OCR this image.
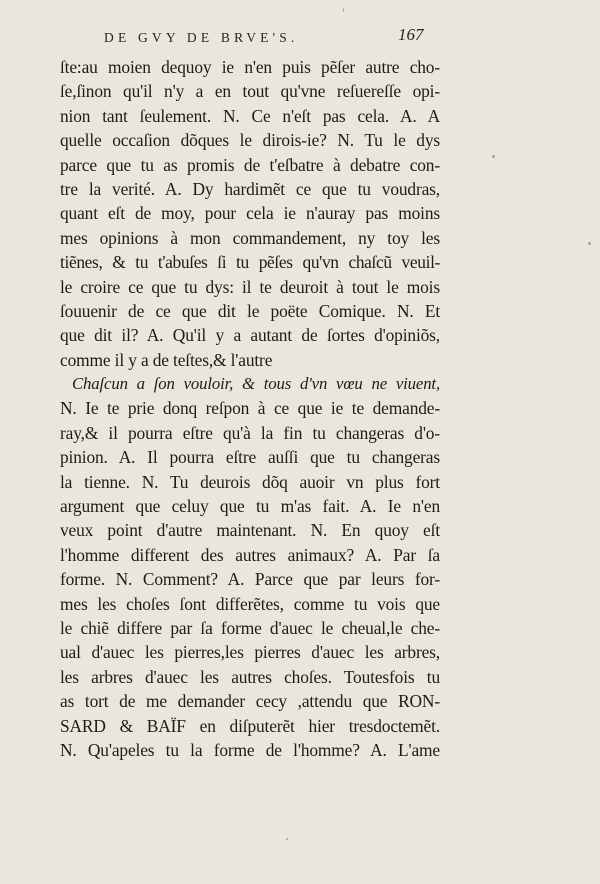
DE GVY DE BRVE'S.	167
ſte:au moien dequoy ie n'en puis pẽſer autre cho-
ſe,ſinon qu'il n'y a en tout qu'vne reſuereſſe opi-
nion tant ſeulement. N. Ce n'eſt pas cela. A. A
quelle occaſion dõques le dirois-ie? N. Tu le dys
parce que tu as promis de t'eſbatre à debatre con-
tre la verité. A. Dy hardimẽt ce que tu voudras,
quant eſt de moy, pour cela ie n'auray pas moins
mes opinions à mon commandement, ny toy les
tiẽnes, & tu t'abuſes ſi tu pẽſes qu'vn chaſcũ veuil-
le croire ce que tu dys: il te deuroit à tout le mois
ſouuenir de ce que dit le poëte Comique. N. Et
que dit il? A. Qu'il y a autant de ſortes d'opiniõs,
comme il y a de teſtes,& l'autre
Chaſcun a ſon vouloir, & tous d'vn vœu ne viuent,
N. Ie te prie donq reſpon à ce que ie te demande-
ray,& il pourra eſtre qu'à la fin tu changeras d'o-
pinion. A. Il pourra eſtre auſſi que tu changeras
la tienne. N. Tu deurois dõq auoir vn plus fort
argument que celuy que tu m'as fait. A. Ie n'en
veux point d'autre maintenant. N. En quoy eſt
l'homme different des autres animaux? A. Par ſa
forme. N. Comment? A. Parce que par leurs for-
mes les choſes ſont differẽtes, comme tu vois que
le chiẽ differe par ſa forme d'auec le cheual,le che-
ual d'auec les pierres,les pierres d'auec les arbres,
les arbres d'auec les autres choſes. Toutesfois tu
as tort de me demander cecy ,attendu que RON-
SARD & BAÏF en diſputerẽt hier tresdoctemẽt.
N. Qu'apeles tu la forme de l'homme? A. L'ame
